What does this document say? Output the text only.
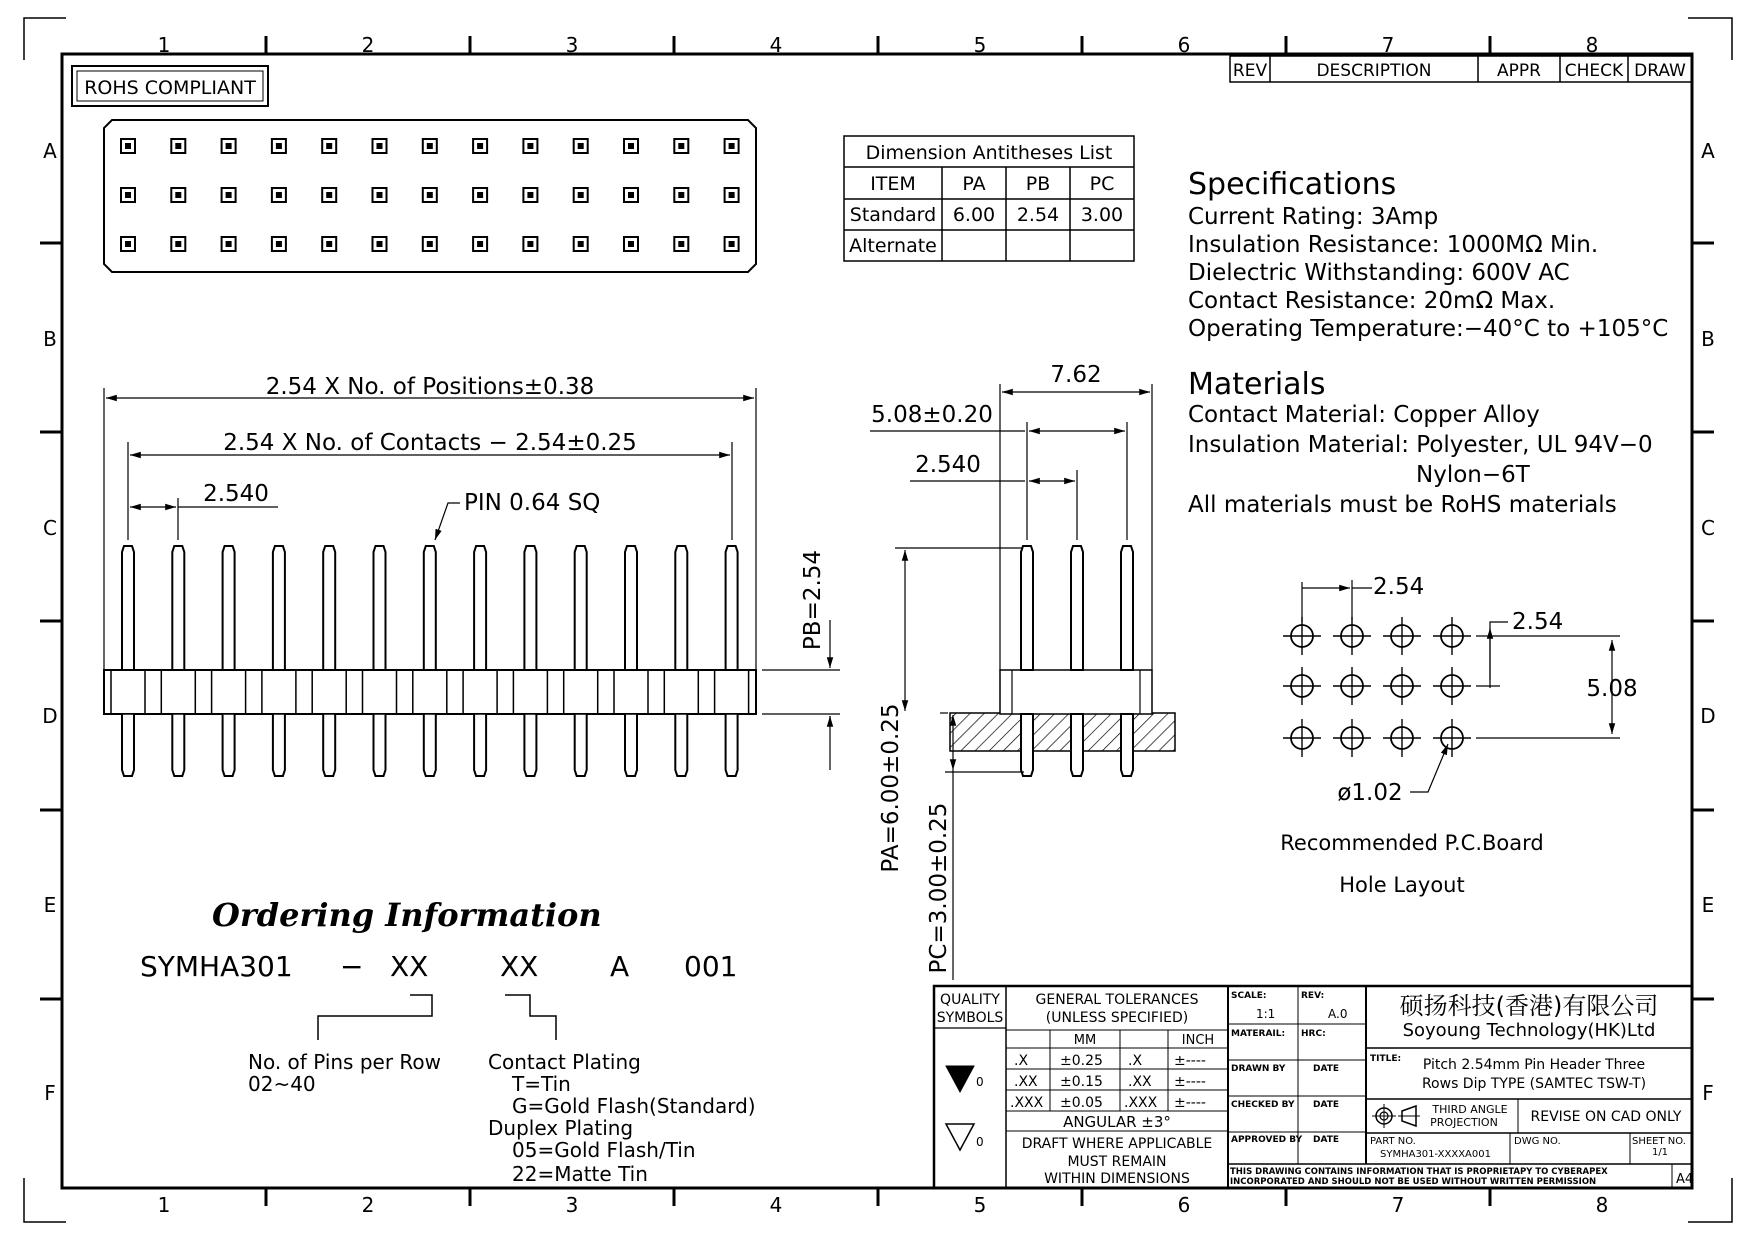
1	2	3	4	5	6	7	8
1	2	3	4	5	6	7	8
A
B
C
D
E
F
A
B
C
D
E
F
ROHS COMPLIANT
REV	DESCRIPTION	APPR CHECK DRAW
Dimension Antitheses List
ITEM PA PB PC
Standard 6.00 2.54 3.00
Alternate
Specifications
Current Rating: 3Amp
Insulation Resistance: 1000MΩ Min.
Dielectric Withstanding: 600V AC
Contact Resistance: 20mΩ Max.
Operating Temperature:−40°C to +105°C
Materials
Contact Material: Copper Alloy
Insulation Material: Polyester, UL 94V−0
Nylon−6T
All materials must be RoHS materials
2.54 X No. of Positions±0.38
2.54 X No. of Contacts − 2.54±0.25
2.540	PIN 0.64 SQ
PB=2.54
7.62
5.08±0.20
2.540
PA=6.00±0.25
PC=3.00±0.25
2.54
2.54
5.08
ø1.02
Recommended P.C.Board
Hole Layout
Ordering Information
SYMHA301 − XX	XX	A 001
No. of Pins per Row
02~40
Contact Plating
T=Tin
G=Gold Flash(Standard)
Duplex Plating
05=Gold Flash/Tin
22=Matte Tin
QUALITY
SYMBOLS
0
0
GENERAL TOLERANCES
(UNLESS SPECIFIED)
MM	INCH
.X ±0.25 .X ±----
.XX ±0.15 .XX ±----
.XXX ±0.05 .XXX ±----
ANGULAR ±3°
DRAFT WHERE APPLICABLE
MUST REMAIN
WITHIN DIMENSIONS
SCALE:	REV:
MATERAIL: HRC:
DRAWN BY	DATE
CHECKED BY DATE
APPROVED BY DATE
1:1	A.0 硕扬科技(香港)有限公司
Soyoung Technology(HK)Ltd
TITLE: Pitch 2.54mm Pin Header Three
Rows Dip TYPE (SAMTEC TSW-T)
THIRD ANGLE
PROJECTION REVISE ON CAD ONLY
PART NO.
SYMHA301-XXXXA001
DWG NO.	SHEET NO.
1/1
THIS DRAWING CONTAINS INFORMATION THAT IS PROPRIETAPY TO CYBERAPEX
INCORPORATED AND SHOULD NOT BE USED WITHOUT WRITTEN PERMISSION	A4
